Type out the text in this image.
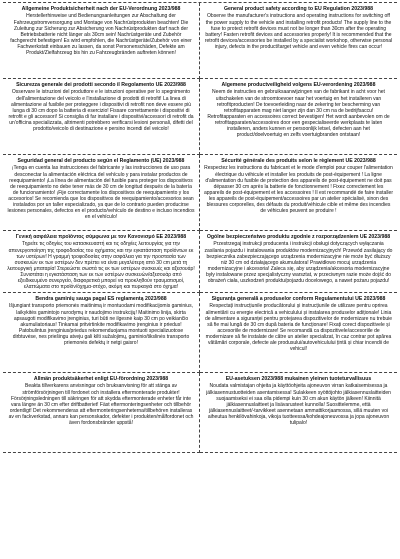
Allgemeine Produktsicherheit nach der EU-Verordnung 2023/988

Herstellerhinweise und Bedienungsanleitungen zur Abschaltung der Fahrzeugstromversorgung und Montage von Nachrüstprodukten beachten! Die Zuleitung zur Sicherung zur Absicherung von Nachrüstprodukten darf nach der Betriebsbatterie nicht länger als 30cm sein! Nachrüstgeräte und Zubehör fachgerecht befestigen! Es wird empfohlen, die Nachrüstgeräte/Zubehör von einer Fachwerkstatt einbauen zu lassen, da sonst Personenschäden, Defekte am Produkt/Zielfahrzeug bis hin zu Fahrzeugbränden auftreten können!

General product safety according to EU Regulation 2023/988

Observe the manufacturer's instructions and operating instructions for switching off the power supply to the vehicle and installing retrofit products! The supply line to the fuse to protect retrofit devices must not be longer than 30cm after the operating battery! Fasten retrofit devices and accessories properly! It is recommended that the retrofit devices/accessories be installed by a specialist workshop, otherwise personal injury, defects in the product/target vehicle and even vehicle fires can occur!

Sicurezza generale dei prodotti secondo il Regolamento UE 2023/988

Osservare le istruzioni del produttore e le istruzioni operative per lo spegnimento dell'alimentazione del veicolo e l'installazione di prodotti di retrofit! La linea di alimentazione al fusibile per proteggere i dispositivi di retrofit non deve essere più lunga di 30 cm dopo la batteria di esercizio! Fissare correttamente i dispositivi di retrofit e gli accessori! Si consiglia di far installare i dispositivi/accessori di retrofit da un'officina specializzata, altrimenti potrebbero verificarsi lesioni personali, difetti del prodotto/veicolo di destinazione e persino incendi del veicolo!

Algemene productveiligheid volgens EU-verordening 2023/988

Neem de instructies en gebruiksaanwijzingen van de fabrikant in acht voor het uitschakelen van de stroomtoevoer naar het voertuig en het installeren van retrofitproducten! De toevoerleiding naar de zekering ter bescherming van retrofitapparaten mag niet langer zijn dan 30 cm na de bedrijfsaccu! Retrofitapparaten en accessoires correct bevestigen! Het wordt aanbevolen om de retrofitapparaten/accessoires door een gespecialiseerde werkplaats te laten installeren, anders kunnen er persoonlijk letsel, defecten aan het product/doelvoertuig en zelfs voertuigbranden ontstaan!

Seguridad general del producto según el Reglamento (UE) 2023/988

¡Tenga en cuenta las instrucciones del fabricante y las instrucciones de uso para desconectar la alimentación eléctrica del vehículo y para instalar productos de reequipamiento! ¡La línea de alimentación del fusible para proteger los dispositivos de reequipamiento no debe tener más de 30 cm de longitud después de la batería de funcionamiento! ¡Fije correctamente los dispositivos de reequipamiento y los accesorios! Se recomienda que los dispositivos de reequipamiento/accesorios sean instalados por un taller especializado, ya que de lo contrario pueden producirse lesiones personales, defectos en el producto/vehículo de destino e incluso incendios en el vehículo!

Sécurité générale des produits selon le règlement UE 2023/988

Respectez les instructions du fabricant et le mode d'emploi pour couper l'alimentation électrique du véhicule et installer les produits de post-équipement ! La ligne d'alimentation du fusible de protection des appareils de post-équipement ne doit pas dépasser 30 cm après la batterie de fonctionnement ! Fixez correctement les appareils de post-équipement et les accessoires ! Il est recommandé de faire installer les appareils de post-équipement/accessoires par un atelier spécialisé, sinon des blessures corporelles, des défauts du produit/véhicule cible et même des incendies de véhicules peuvent se produire !

Γενική ασφάλεια προϊόντος σύμφωνα με τον Κανονισμό ΕΕ 2023/988

Τηρείτε τις οδηγίες του κατασκευαστή και τις οδηγίες λειτουργίας για την απενεργοποίηση της τροφοδοσίας του οχήματος και την εγκατάσταση προϊόντων εκ των υστέρων! Η γραμμή τροφοδοσίας στην ασφάλεια για την προστασία των συσκευών εκ των υστέρων δεν πρέπει να είναι μεγαλύτερη από 30 cm μετά τη λειτουργική μπαταρία! Στερεώστε σωστά τις εκ των υστέρων συσκευές και αξεσουάρ! Συνιστάται η εγκατάσταση των εκ των υστέρων συσκευών/αξεσουάρ από εξειδικευμένο συνεργείο, διαφορετικά μπορεί να προκληθούν τραυματισμοί, ελαττώματα στο προϊόν/όχημα-στόχο, ακόμη και πυρκαγιά στο όχημα!

Ogólne bezpieczeństwo produktu zgodnie z rozporządzeniem UE 2023/988

Przestrzegaj instrukcji producenta i instrukcji obsługi dotyczących wyłączania zasilania pojazdu i instalowania produktów modernizacyjnych! Przewód zasilający do bezpiecznika zabezpieczającego urządzenia modernizacyjne nie może być dłuższy niż 30 cm od działającego akumulatora! Prawidłowo mocuj urządzenia modernizacyjne i akcesoria! Zaleca się, aby urządzenia/akcesoria modernizacyjne były instalowane przez specjalistyczny warsztat, w przeciwnym razie może dojść do obrażeń ciała, uszkodzeń produktu/pojazdu docelowego, a nawet pożaru pojazdu!

Bendra gaminių sauga pagal ES reglamentą 2023/988

Išjungiant transporto priemonės maitinimą ir montuodami modifikacijomis gaminius, laikykitės gamintojo nurodymų ir naudojimo instrukcijų! Maitinimo linija, skirta apsaugoti modifikavimo įrenginius, turi būti ne ilgesnė kaip 30 cm po veikiančio akumuliatoriaus! Tinkamai pritvirtinkite modifikavimo įrenginius ir priedus! Patobulintus įrenginius/priedus rekomenduojama montuoti specializuotose dirbtuvėse, nes priešingu atveju gali kilti sužalojimų, gaminio/tikslinės transporto priemonės defektų ir netgi gaisro!

Siguranța generală a produselor conform Regulamentului UE 2023/988

Respectați instrucțiunile producătorului și instrucțiunile de utilizare pentru oprirea alimentării cu energie electrică a vehiculului și instalarea produselor adiționale! Linia de alimentare a siguranței pentru protejarea dispozitivelor de modernizare nu trebuie să fie mai lungă de 30 cm după bateria de funcționare! Fixați corect dispozitivele și accesoriile de modernizare! Se recomandă ca dispozitivele/accesoriile de modernizare să fie instalate de către un atelier specializat, în caz contrar pot apărea vătămări corporale, defecte ale produsului/autovehiculului țintă și chiar incendii de vehicul!

Allmän produktsäkerhet enligt EU-förordning 2023/988

Beakta tillverkarens anvisningar och bruksanvisning för att stänga av strömförsörjningen till fordonet och installera eftermonterade produkter! Försörjningsledningen till säkringen för att skydda eftermonterade enheter får inte vara längre än 30 cm efter driftbatteriet! Fäst eftermonteringsenheter och tillbehör ordentligt! Det rekommenderas att eftermonteringsenheterna/tillbehören installeras av en fackverkstad, annars kan personskador, defekter i produkten/målfordonet och även fordonsbränder uppstå!

EU-asetuksen 2023/988 mukainen yleinen tuoteturvallisuus

Noudata valmistajan ohjeita ja käyttöohjeita ajoneuvon virran katkaisemisessa ja jälkiasennustuotteiden asentamisessa! Sulakkeen syöttöjohto jälkiasennuslaitteiden suojaamiseksi ei saa olla pidempi kuin 30 cm akun käytön jälkeen! Kiinnitä jälkiasennuslaitteet ja lisävarusteet kunnolla! Suosittelemme, että jälkiasennuslaitteet/-tarvikkeet asennetaan ammattikorjaamossa, sillä muuten voi aiheutua henkilövahinkoja, vikoja tuotteessa/kohdeajoneuvossa ja jopa ajoneuvon tulipalo!
